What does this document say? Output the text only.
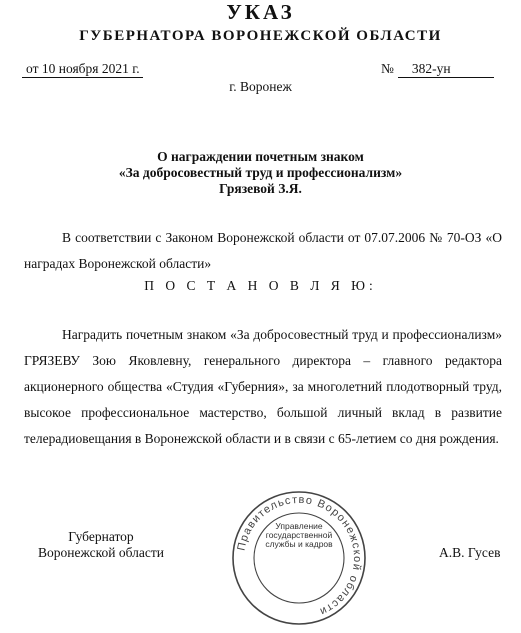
УКАЗ
ГУБЕРНАТОРА ВОРОНЕЖСКОЙ ОБЛАСТИ
от 10 ноября 2021 г.	№ 382-ун
г. Воронеж
О награждении почетным знаком
«За добросовестный труд и профессионализм»
Грязевой З.Я.

В соответствии с Законом Воронежской области от 07.07.2006 № 70-ОЗ «О наградах Воронежской области»

П О С Т А Н О В Л Я Ю:

Наградить почетным знаком «За добросовестный труд и профессионализм» ГРЯЗЕВУ Зою Яковлевну, генерального директора – главного редактора акционерного общества «Студия «Губерния», за многолетний плодотворный труд, высокое профессиональное мастерство, большой личный вклад в развитие телерадиовещания в Воронежской области и в связи с 65-летием со дня рождения.

Губернатор
Воронежской области	Правительство Воронежской области
Управление
государственной
службы и кадров
А.В. Гусев
